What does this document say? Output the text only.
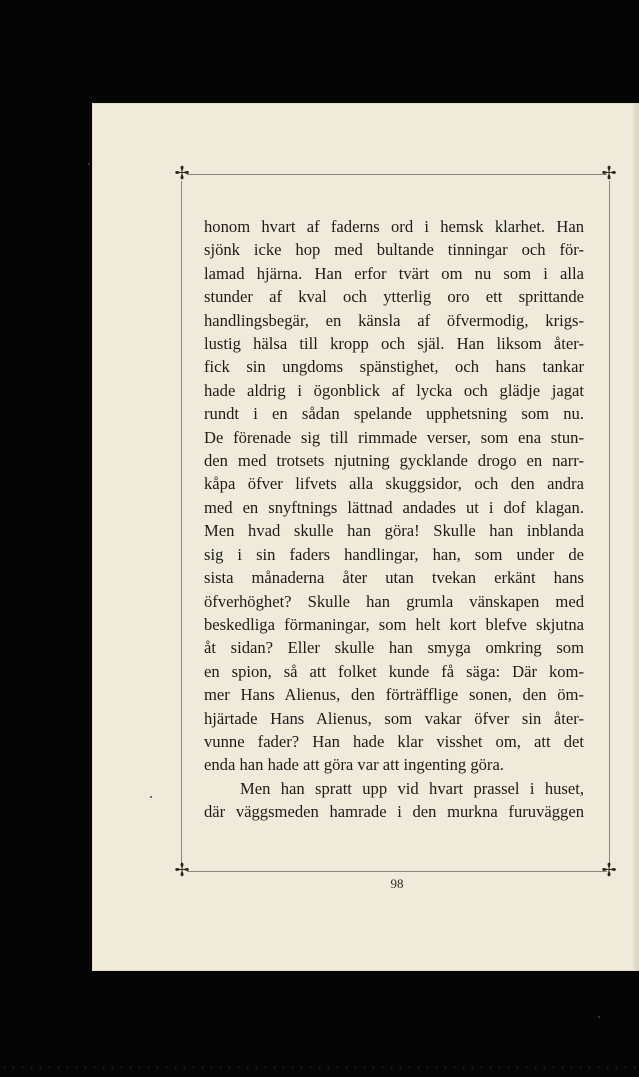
✢	✢
✢	✢
honom hvart af faderns ord i hemsk klarhet. Han
sjönk icke hop med bultande tinningar och för-
lamad hjärna. Han erfor tvärt om nu som i alla
stunder af kval och ytterlig oro ett sprittande
handlingsbegär, en känsla af öfvermodig, krigs-
lustig hälsa till kropp och själ. Han liksom åter-
fick sin ungdoms spänstighet, och hans tankar
hade aldrig i ögonblick af lycka och glädje jagat
rundt i en sådan spelande upphetsning som nu.
De förenade sig till rimmade verser, som ena stun-
den med trotsets njutning gycklande drogo en narr-
kåpa öfver lifvets alla skuggsidor, och den andra
med en snyftnings lättnad andades ut i dof klagan.
Men hvad skulle han göra! Skulle han inblanda
sig i sin faders handlingar, han, som under de
sista månaderna åter utan tvekan erkänt hans
öfverhöghet? Skulle han grumla vänskapen med
beskedliga förmaningar, som helt kort blefve skjutna
åt sidan? Eller skulle han smyga omkring som
en spion, så att folket kunde få säga: Där kom-
mer Hans Alienus, den förträfflige sonen, den öm-
hjärtade Hans Alienus, som vakar öfver sin åter-
vunne fader? Han hade klar visshet om, att det
enda han hade att göra var att ingenting göra.
Men han spratt upp vid hvart prassel i huset,
där väggsmeden hamrade i den murkna furuväggen
98
